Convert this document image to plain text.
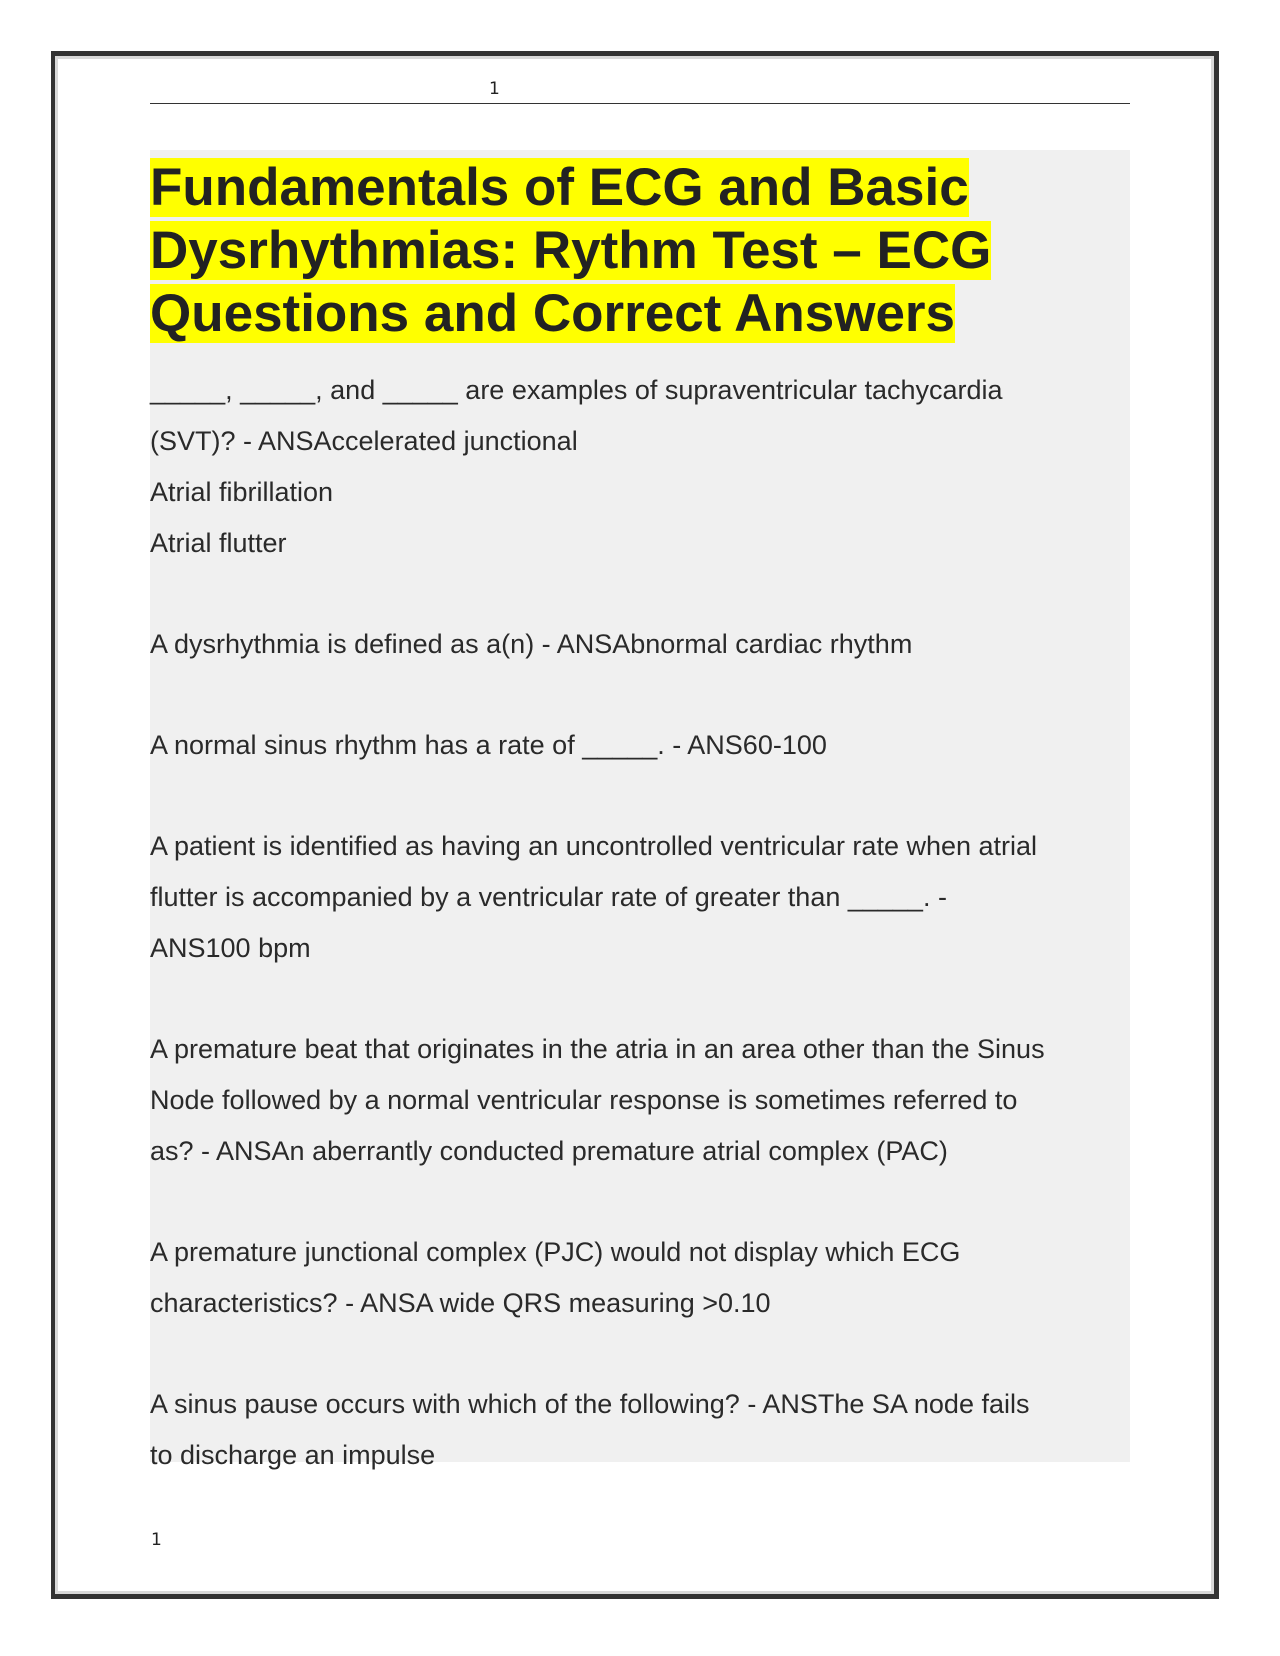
1
Fundamentals of ECG and Basic
Dysrhythmias: Rythm Test – ECG
Questions and Correct Answers
_____, _____, and _____ are examples of supraventricular tachycardia
(SVT)? - ANSAccelerated junctional
Atrial fibrillation
Atrial flutter
A dysrhythmia is defined as a(n) - ANSAbnormal cardiac rhythm
A normal sinus rhythm has a rate of _____. - ANS60-100
A patient is identified as having an uncontrolled ventricular rate when atrial
flutter is accompanied by a ventricular rate of greater than _____. -
ANS100 bpm
A premature beat that originates in the atria in an area other than the Sinus
Node followed by a normal ventricular response is sometimes referred to
as? - ANSAn aberrantly conducted premature atrial complex (PAC)
A premature junctional complex (PJC) would not display which ECG
characteristics? - ANSA wide QRS measuring >0.10
A sinus pause occurs with which of the following? - ANSThe SA node fails
to discharge an impulse
1
